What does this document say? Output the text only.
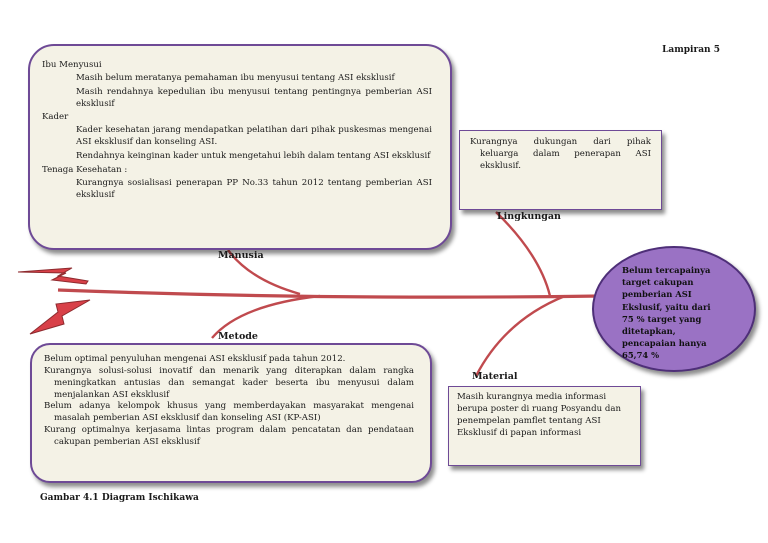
Lampiran 5

Ibu Menyusui

Masih belum meratanya pemahaman ibu menyusui tentang ASI eksklusif

Masih rendahnya kepedulian ibu menyusui tentang pentingnya pemberian ASI eksklusif

Kader

Kader kesehatan jarang mendapatkan pelatihan dari pihak puskesmas mengenai ASI eksklusif dan konseling ASI.

Rendahnya keinginan kader untuk mengetahui lebih dalam tentang ASI eksklusif

Tenaga Kesehatan :

Kurangnya sosialisasi penerapan PP No.33 tahun 2012 tentang pemberian ASI eksklusif

Manusia

Kurangnya dukungan dari pihak keluarga dalam penerapan ASI eksklusif.

Lingkungan
Metode

Belum optimal penyuluhan mengenai ASI eksklusif pada tahun 2012.

Kurangnya solusi-solusi inovatif dan menarik yang diterapkan dalam rangka meningkatkan antusias dan semangat kader beserta ibu menyusui dalam menjalankan ASI eksklusif

Belum adanya kelompok khusus yang memberdayakan masyarakat mengenai masalah pemberian ASI eksklusif dan konseling ASI (KP-ASI)

Kurang optimalnya kerjasama lintas program dalam pencatatan dan pendataan cakupan pemberian ASI eksklusif

Material

Masih kurangnya media informasi berupa poster di ruang Posyandu dan penempelan pamflet tentang ASI Eksklusif di papan informasi

Belum tercapainya target cakupan pemberian ASI Ekslusif, yaitu dari 75 % target yang ditetapkan, pencapaian hanya 65,74 %
Gambar 4.1 Diagram Ischikawa
